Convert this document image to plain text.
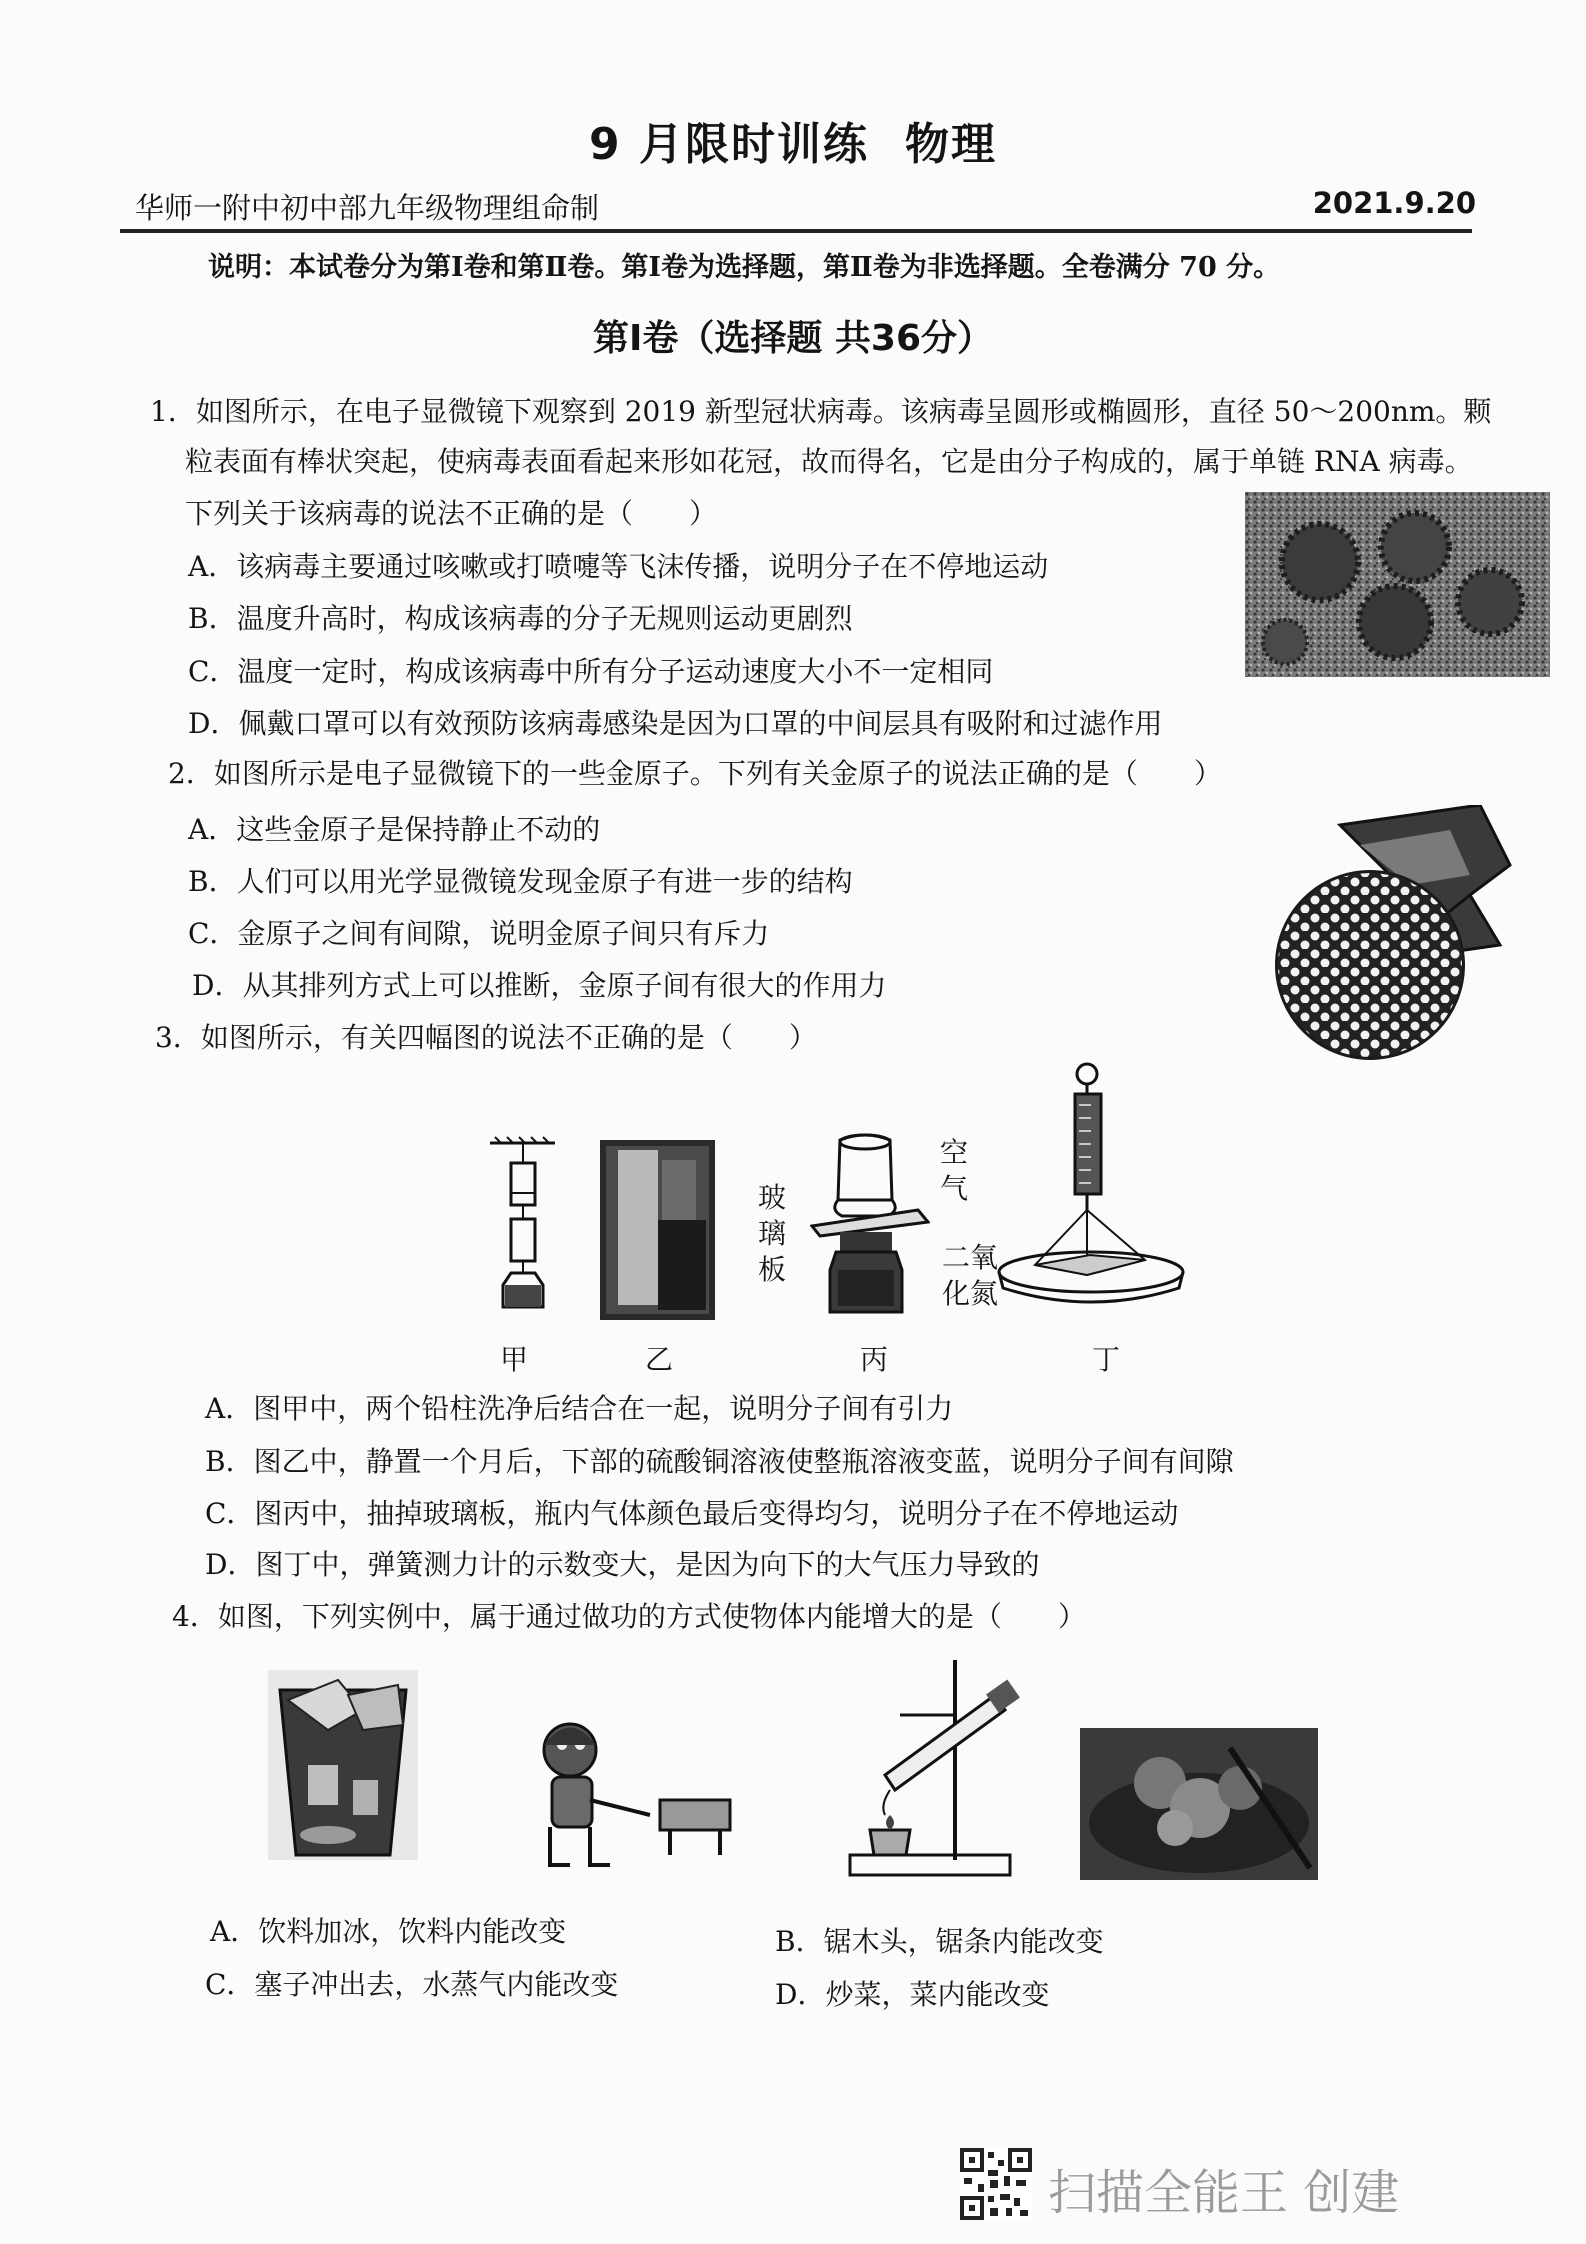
9 月限时训练 物理
华师一附中初中部九年级物理组命制	2021.9.20
说明：本试卷分为第Ⅰ卷和第Ⅱ卷。第Ⅰ卷为选择题，第Ⅱ卷为非选择题。全卷满分 70 分。
第Ⅰ卷（选择题 共36分）
1．如图所示，在电子显微镜下观察到 2019 新型冠状病毒。该病毒呈圆形或椭圆形，直径 50～200nm。颗
粒表面有棒状突起，使病毒表面看起来形如花冠，故而得名，它是由分子构成的，属于单链 RNA 病毒。
下列关于该病毒的说法不正确的是（　　）
A．该病毒主要通过咳嗽或打喷嚏等飞沫传播，说明分子在不停地运动
B．温度升高时，构成该病毒的分子无规则运动更剧烈
C．温度一定时，构成该病毒中所有分子运动速度大小不一定相同
D．佩戴口罩可以有效预防该病毒感染是因为口罩的中间层具有吸附和过滤作用
2．如图所示是电子显微镜下的一些金原子。下列有关金原子的说法正确的是（　　）
A．这些金原子是保持静止不动的
B．人们可以用光学显微镜发现金原子有进一步的结构
C．金原子之间有间隙，说明金原子间只有斥力
D．从其排列方式上可以推断，金原子间有很大的作用力
3．如图所示，有关四幅图的说法不正确的是（　　）
玻璃板
空气
二氧化氮
甲	乙	丙	丁
A．图甲中，两个铅柱洗净后结合在一起，说明分子间有引力
B．图乙中，静置一个月后，下部的硫酸铜溶液使整瓶溶液变蓝，说明分子间有间隙
C．图丙中，抽掉玻璃板，瓶内气体颜色最后变得均匀，说明分子在不停地运动
D．图丁中，弹簧测力计的示数变大，是因为向下的大气压力导致的
4．如图，下列实例中，属于通过做功的方式使物体内能增大的是（　　）
A．饮料加冰，饮料内能改变	B．锯木头，锯条内能改变
C．塞子冲出去，水蒸气内能改变	D．炒菜，菜内能改变
扫描全能王 创建
